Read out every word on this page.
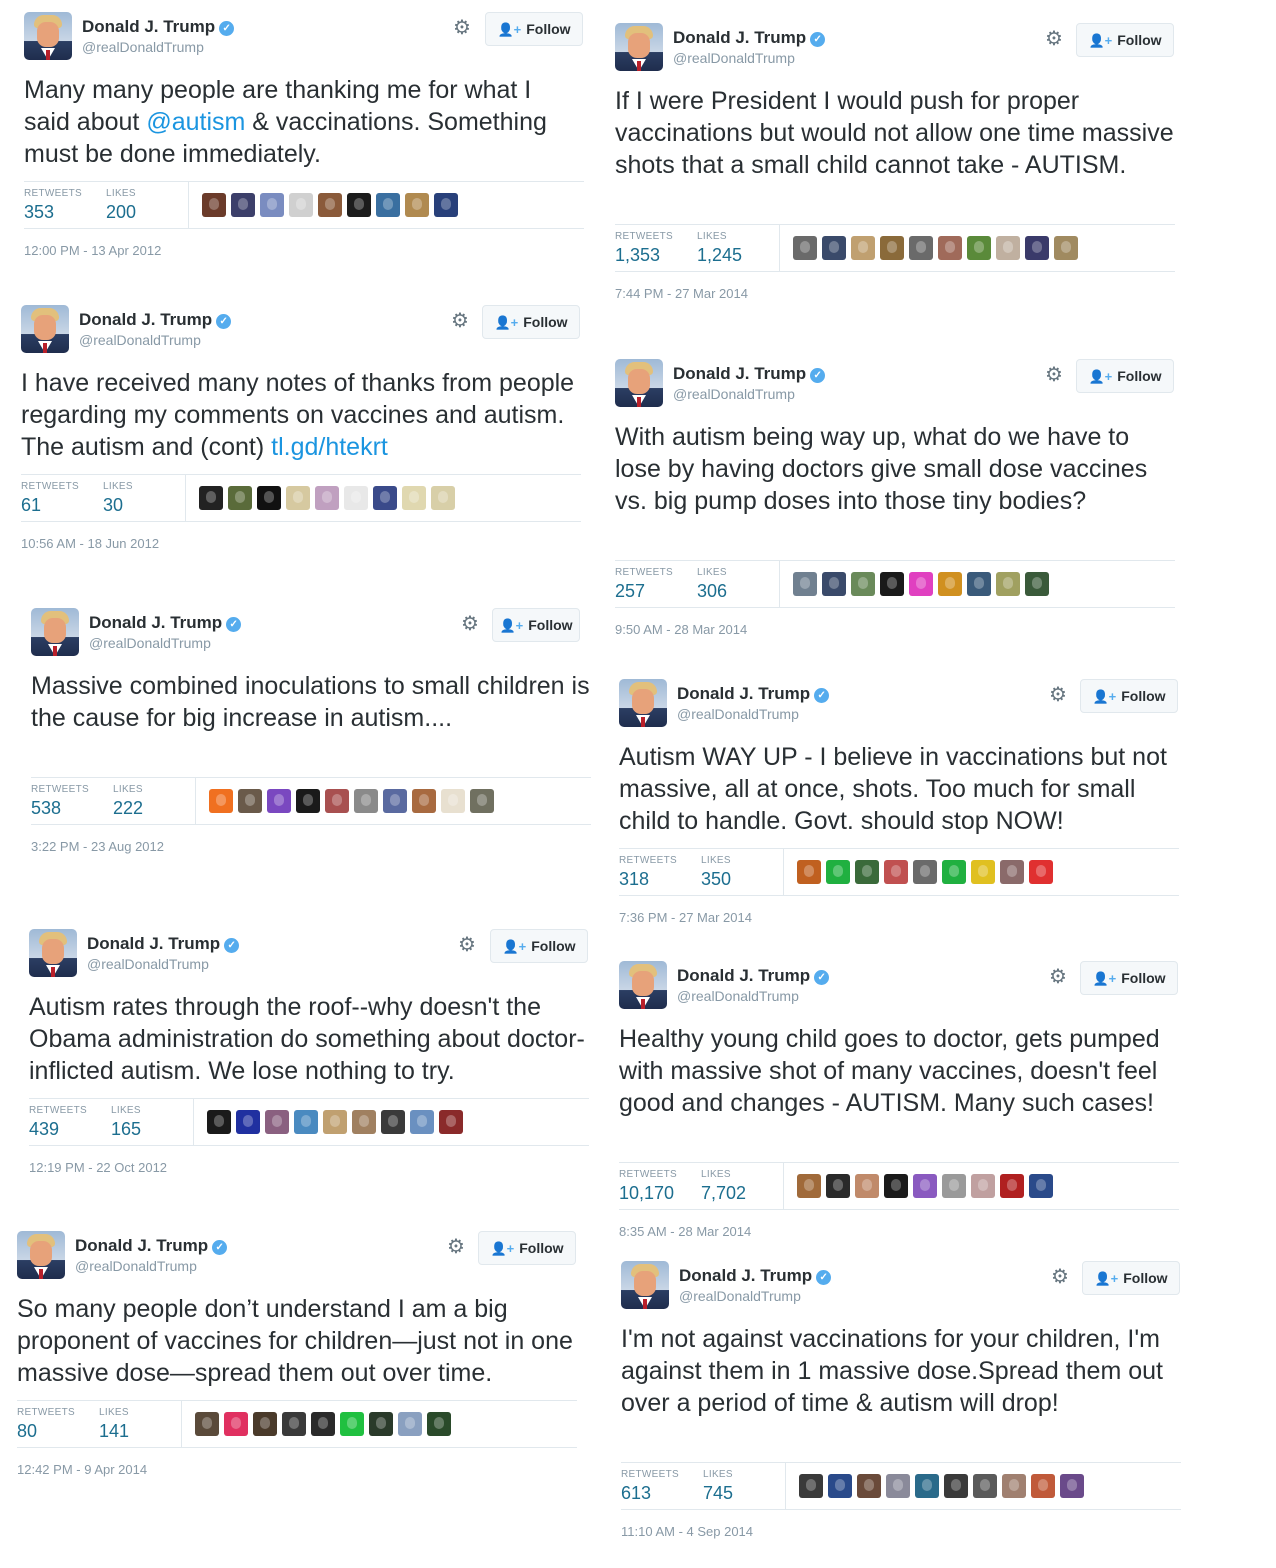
Donald J. Trump ✓
@realDonaldTrump
⚙	👤+ Follow
Many many people are thanking me for what I said about @autism & vaccinations. Something must be done immediately.
RETWEETS
353
LIKES
200
12:00 PM - 13 Apr 2012
Donald J. Trump ✓
@realDonaldTrump
⚙	👤+ Follow
I have received many notes of thanks from people regarding my comments on vaccines and autism. The autism and (cont) tl.gd/htekrt
RETWEETS
61
LIKES
30
10:56 AM - 18 Jun 2012
Donald J. Trump ✓
@realDonaldTrump
⚙	👤+ Follow
Massive combined inoculations to small children is the cause for big increase in autism....
RETWEETS
538
LIKES
222
3:22 PM - 23 Aug 2012
Donald J. Trump ✓
@realDonaldTrump
⚙	👤+ Follow
Autism rates through the roof--why doesn't the Obama administration do something about doctor-inflicted autism. We lose nothing to try.
RETWEETS
439
LIKES
165
12:19 PM - 22 Oct 2012
Donald J. Trump ✓
@realDonaldTrump
⚙	👤+ Follow
So many people don’t understand I am a big proponent of vaccines for children—just not in one massive dose—spread them out over time.
RETWEETS
80
LIKES
141
12:42 PM - 9 Apr 2014
Donald J. Trump ✓
@realDonaldTrump
⚙	👤+ Follow
If I were President I would push for proper vaccinations but would not allow one time massive shots that a small child cannot take - AUTISM.
RETWEETS
1,353
LIKES
1,245
7:44 PM - 27 Mar 2014
Donald J. Trump ✓
@realDonaldTrump
⚙	👤+ Follow
With autism being way up, what do we have to lose by having doctors give small dose vaccines vs. big pump doses into those tiny bodies?
RETWEETS
257
LIKES
306
9:50 AM - 28 Mar 2014
Donald J. Trump ✓
@realDonaldTrump
⚙	👤+ Follow
Autism WAY UP - I believe in vaccinations but not massive, all at once, shots. Too much for small child to handle. Govt. should stop NOW!
RETWEETS
318
LIKES
350
7:36 PM - 27 Mar 2014
Donald J. Trump ✓
@realDonaldTrump
⚙	👤+ Follow
Healthy young child goes to doctor, gets pumped with massive shot of many vaccines, doesn't feel good and changes - AUTISM. Many such cases!
RETWEETS
10,170
LIKES
7,702
8:35 AM - 28 Mar 2014
Donald J. Trump ✓
@realDonaldTrump
⚙	👤+ Follow
I'm not against vaccinations for your children, I'm against them in 1 massive dose.Spread them out over a period of time & autism will drop!
RETWEETS
613
LIKES
745
11:10 AM - 4 Sep 2014
